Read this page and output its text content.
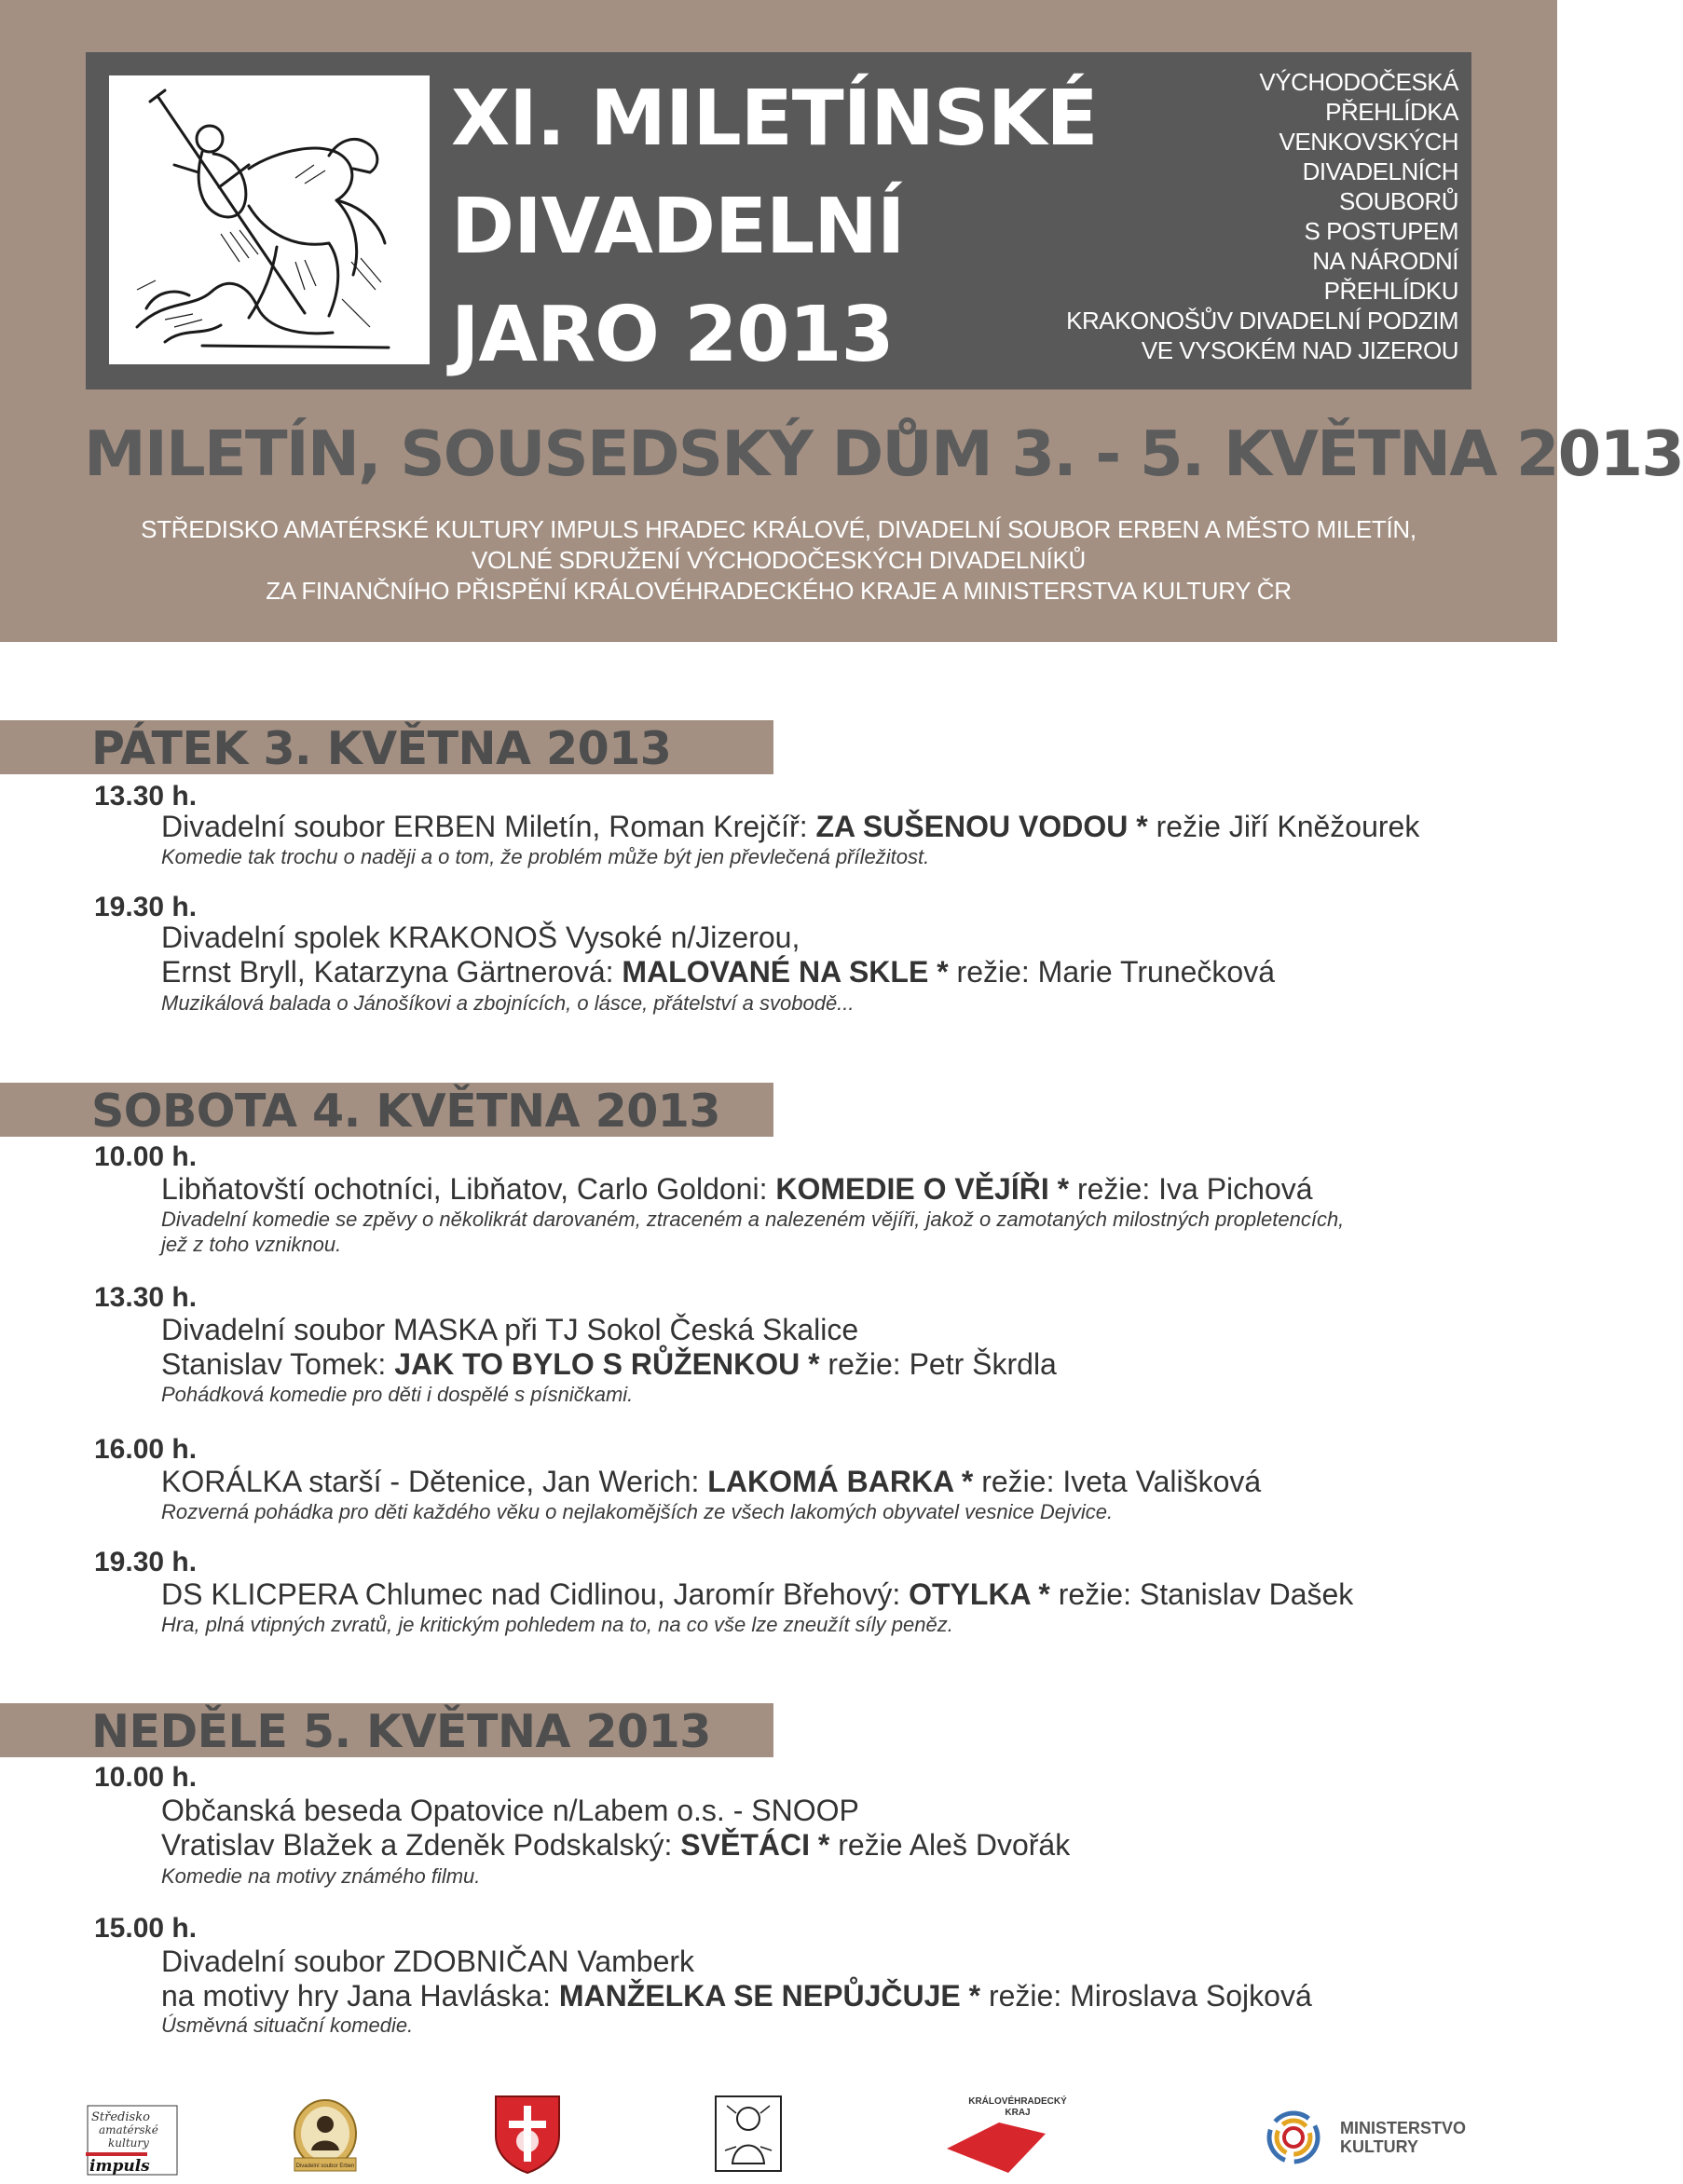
XI. MILETÍNSKÉ
DIVADELNÍ
JARO 2013
VÝCHODOČESKÁ
PŘEHLÍDKA
VENKOVSKÝCH
DIVADELNÍCH
SOUBORŮ
S POSTUPEM
NA NÁRODNÍ
PŘEHLÍDKU
KRAKONOŠŮV DIVADELNÍ PODZIM
VE VYSOKÉM NAD JIZEROU
MILETÍN, SOUSEDSKÝ DŮM 3. - 5. KVĚTNA 2013
STŘEDISKO AMATÉRSKÉ KULTURY IMPULS HRADEC KRÁLOVÉ, DIVADELNÍ SOUBOR ERBEN A MĚSTO MILETÍN,
VOLNÉ SDRUŽENÍ VÝCHODOČESKÝCH DIVADELNÍKŮ
ZA FINANČNÍHO PŘISPĚNÍ KRÁLOVÉHRADECKÉHO KRAJE A MINISTERSTVA KULTURY ČR
PÁTEK 3. KVĚTNA 2013
13.30 h.
Divadelní soubor ERBEN Miletín, Roman Krejčíř: ZA SUŠENOU VODOU * režie Jiří Kněžourek
Komedie tak trochu o naději a o tom, že problém může být jen převlečená příležitost.
19.30 h.
Divadelní spolek KRAKONOŠ Vysoké n/Jizerou,
Ernst Bryll, Katarzyna Gärtnerová: MALOVANÉ NA SKLE * režie: Marie Trunečková
Muzikálová balada o Jánošíkovi a zbojnících, o lásce, přátelství a svobodě...
SOBOTA 4. KVĚTNA 2013
10.00 h.
Libňatovští ochotníci, Libňatov, Carlo Goldoni: KOMEDIE O VĚJÍŘI * režie: Iva Pichová
Divadelní komedie se zpěvy o několikrát darovaném, ztraceném a nalezeném vějíři, jakož o zamotaných milostných propletencích,
jež z toho vzniknou.
13.30 h.
Divadelní soubor MASKA při TJ Sokol Česká Skalice
Stanislav Tomek: JAK TO BYLO S RŮŽENKOU * režie: Petr Škrdla
Pohádková komedie pro děti i dospělé s písničkami.
16.00 h.
KORÁLKA starší - Dětenice, Jan Werich: LAKOMÁ BARKA * režie: Iveta Vališková
Rozverná pohádka pro děti každého věku o nejlakomějších ze všech lakomých obyvatel vesnice Dejvice.
19.30 h.
DS KLICPERA Chlumec nad Cidlinou, Jaromír Břehový: OTYLKA * režie: Stanislav Dašek
Hra, plná vtipných zvratů, je kritickým pohledem na to, na co vše lze zneužít síly peněz.
NEDĚLE 5. KVĚTNA 2013
10.00 h.
Občanská beseda Opatovice n/Labem o.s. - SNOOP
Vratislav Blažek a Zdeněk Podskalský: SVĚTÁCI * režie Aleš Dvořák
Komedie na motivy známého filmu.
15.00 h.
Divadelní soubor ZDOBNIČAN Vamberk
na motivy hry Jana Havláska: MANŽELKA SE NEPŮJČUJE * režie: Miroslava Sojková
Úsměvná situační komedie.
Středisko
amatérské
kultury
impuls	Divadelní soubor Erben
KRÁLOVÉHRADECKÝ
KRAJ
MINISTERSTVO
KULTURY
